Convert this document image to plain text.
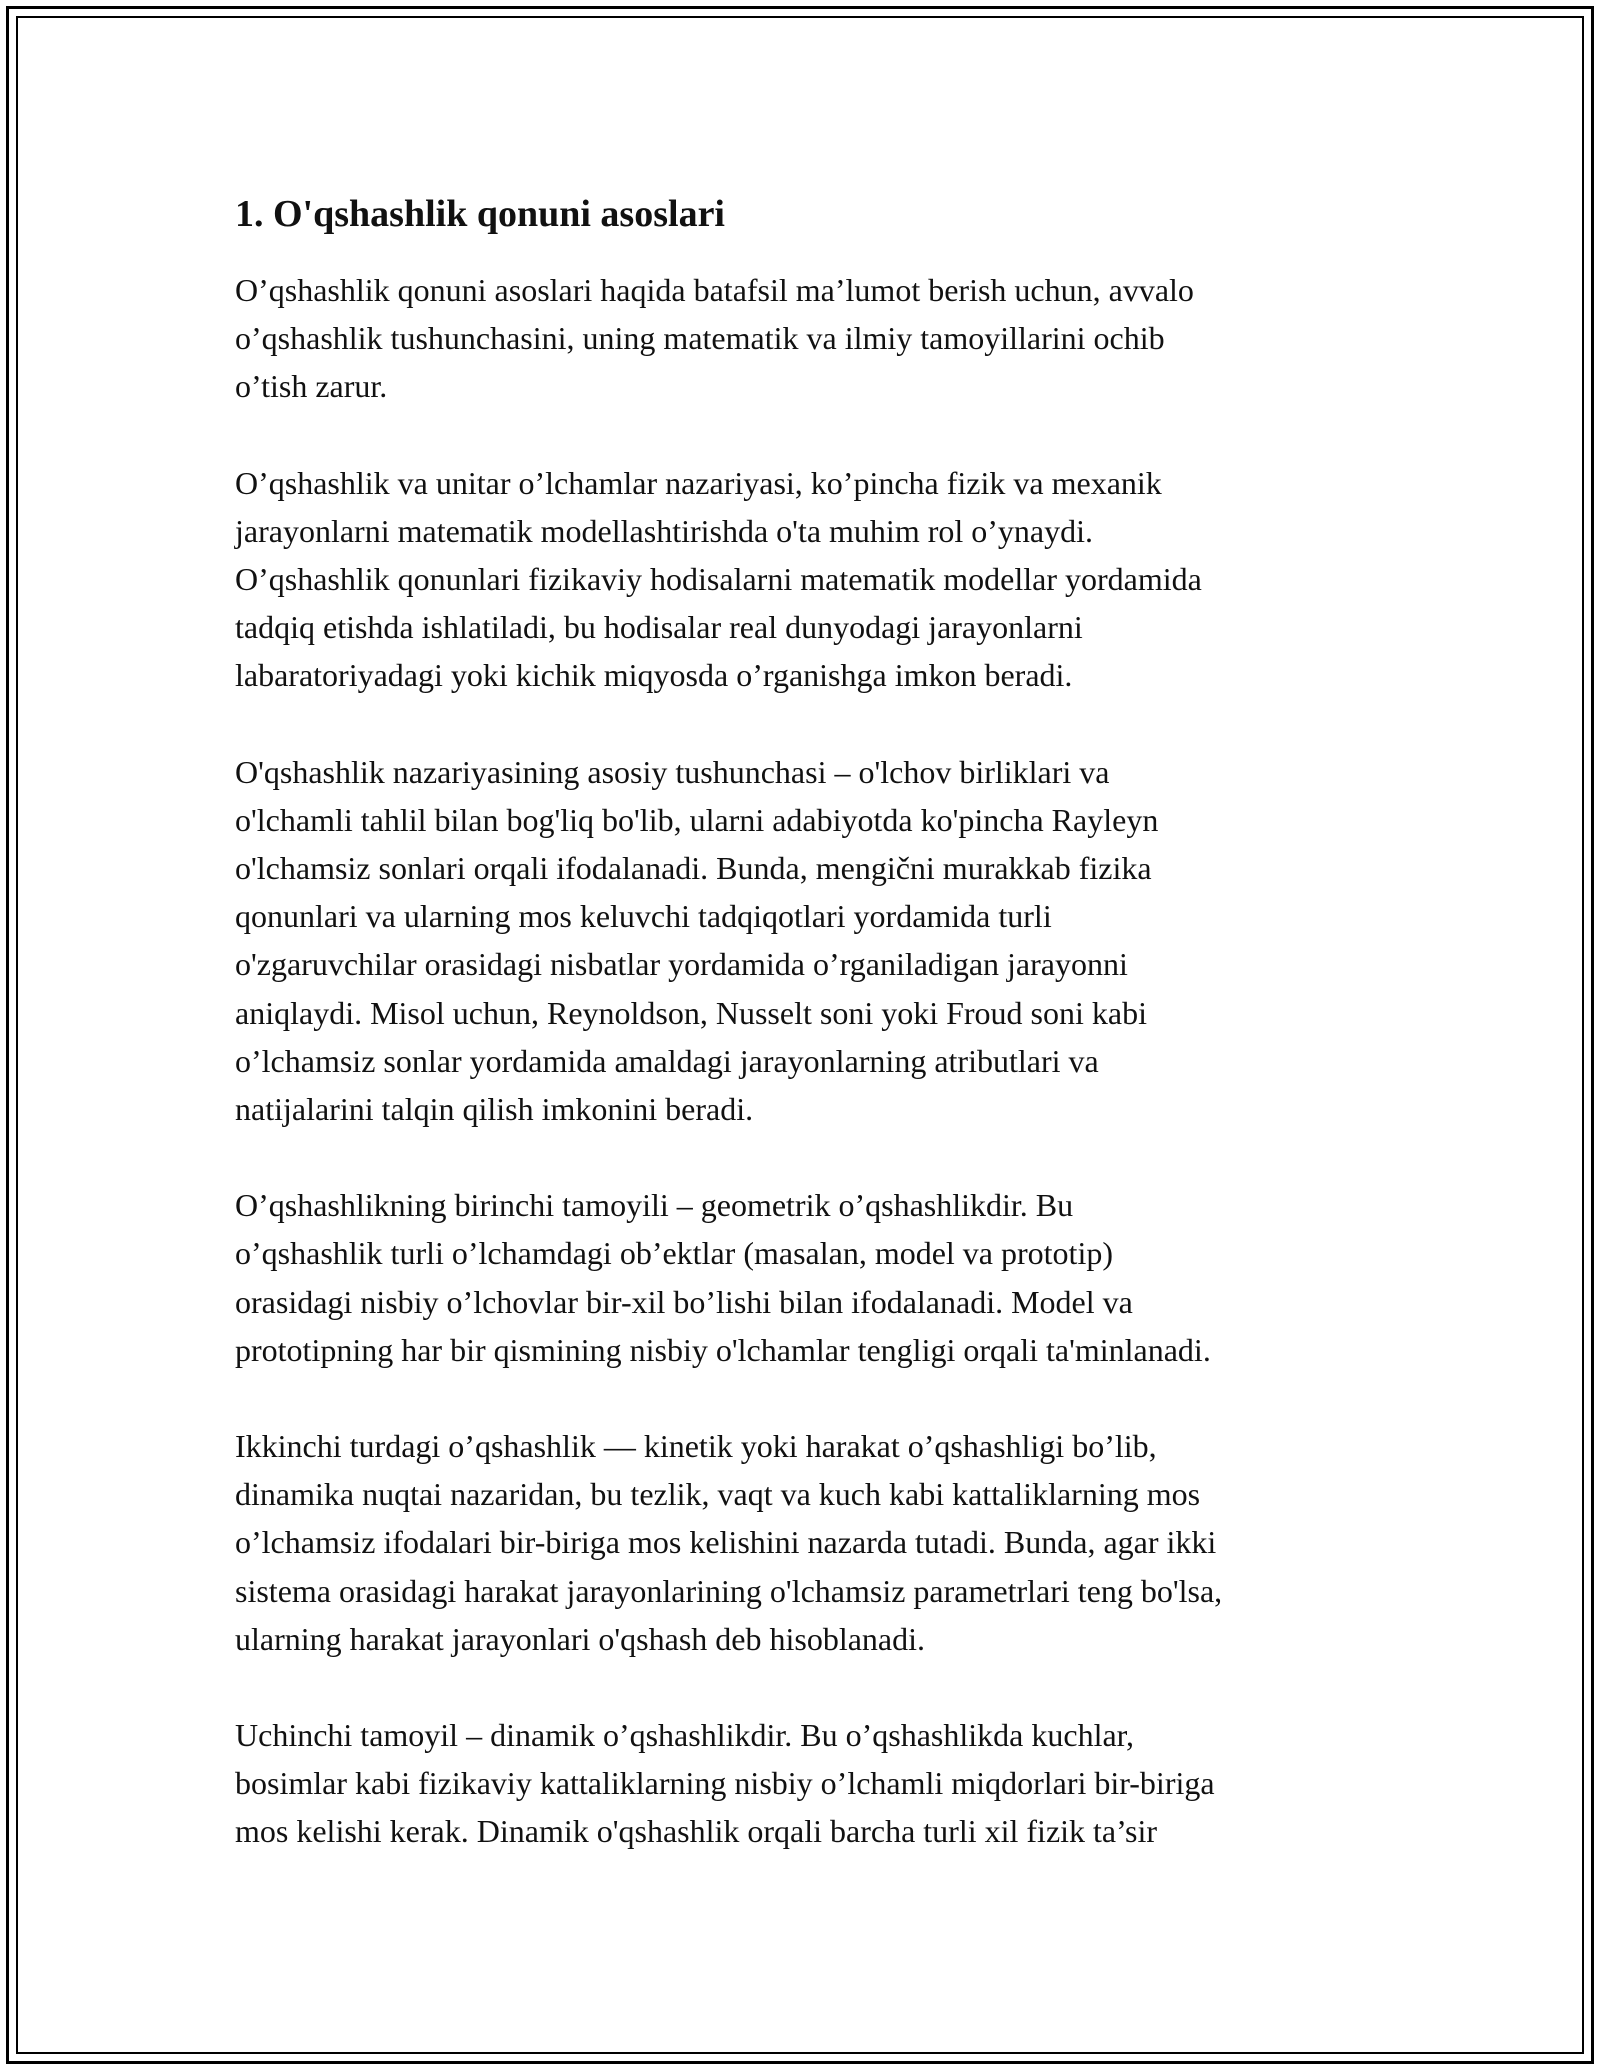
1. O'qshashlik qonuni asoslari

O’qshashlik qonuni asoslari haqida batafsil ma’lumot berish uchun, avvalo
o’qshashlik tushunchasini, uning matematik va ilmiy tamoyillarini ochib
o’tish zarur.

O’qshashlik va unitar o’lchamlar nazariyasi, ko’pincha fizik va mexanik
jarayonlarni matematik modellashtirishda o'ta muhim rol o’ynaydi.
O’qshashlik qonunlari fizikaviy hodisalarni matematik modellar yordamida
tadqiq etishda ishlatiladi, bu hodisalar real dunyodagi jarayonlarni
labaratoriyadagi yoki kichik miqyosda o’rganishga imkon beradi.

O'qshashlik nazariyasining asosiy tushunchasi – o'lchov birliklari va
o'lchamli tahlil bilan bog'liq bo'lib, ularni adabiyotda ko'pincha Rayleyn
o'lchamsiz sonlari orqali ifodalanadi. Bunda, mengični murakkab fizika
qonunlari va ularning mos keluvchi tadqiqotlari yordamida turli
o'zgaruvchilar orasidagi nisbatlar yordamida o’rganiladigan jarayonni
aniqlaydi. Misol uchun, Reynoldson, Nusselt soni yoki Froud soni kabi
o’lchamsiz sonlar yordamida amaldagi jarayonlarning atributlari va
natijalarini talqin qilish imkonini beradi.

O’qshashlikning birinchi tamoyili – geometrik o’qshashlikdir. Bu
o’qshashlik turli o’lchamdagi ob’ektlar (masalan, model va prototip)
orasidagi nisbiy o’lchovlar bir-xil bo’lishi bilan ifodalanadi. Model va
prototipning har bir qismining nisbiy o'lchamlar tengligi orqali ta'minlanadi.

Ikkinchi turdagi o’qshashlik — kinetik yoki harakat o’qshashligi bo’lib,
dinamika nuqtai nazaridan, bu tezlik, vaqt va kuch kabi kattaliklarning mos
o’lchamsiz ifodalari bir-biriga mos kelishini nazarda tutadi. Bunda, agar ikki
sistema orasidagi harakat jarayonlarining o'lchamsiz parametrlari teng bo'lsa,
ularning harakat jarayonlari o'qshash deb hisoblanadi.

Uchinchi tamoyil – dinamik o’qshashlikdir. Bu o’qshashlikda kuchlar,
bosimlar kabi fizikaviy kattaliklarning nisbiy o’lchamli miqdorlari bir-biriga
mos kelishi kerak. Dinamik o'qshashlik orqali barcha turli xil fizik ta’sir
